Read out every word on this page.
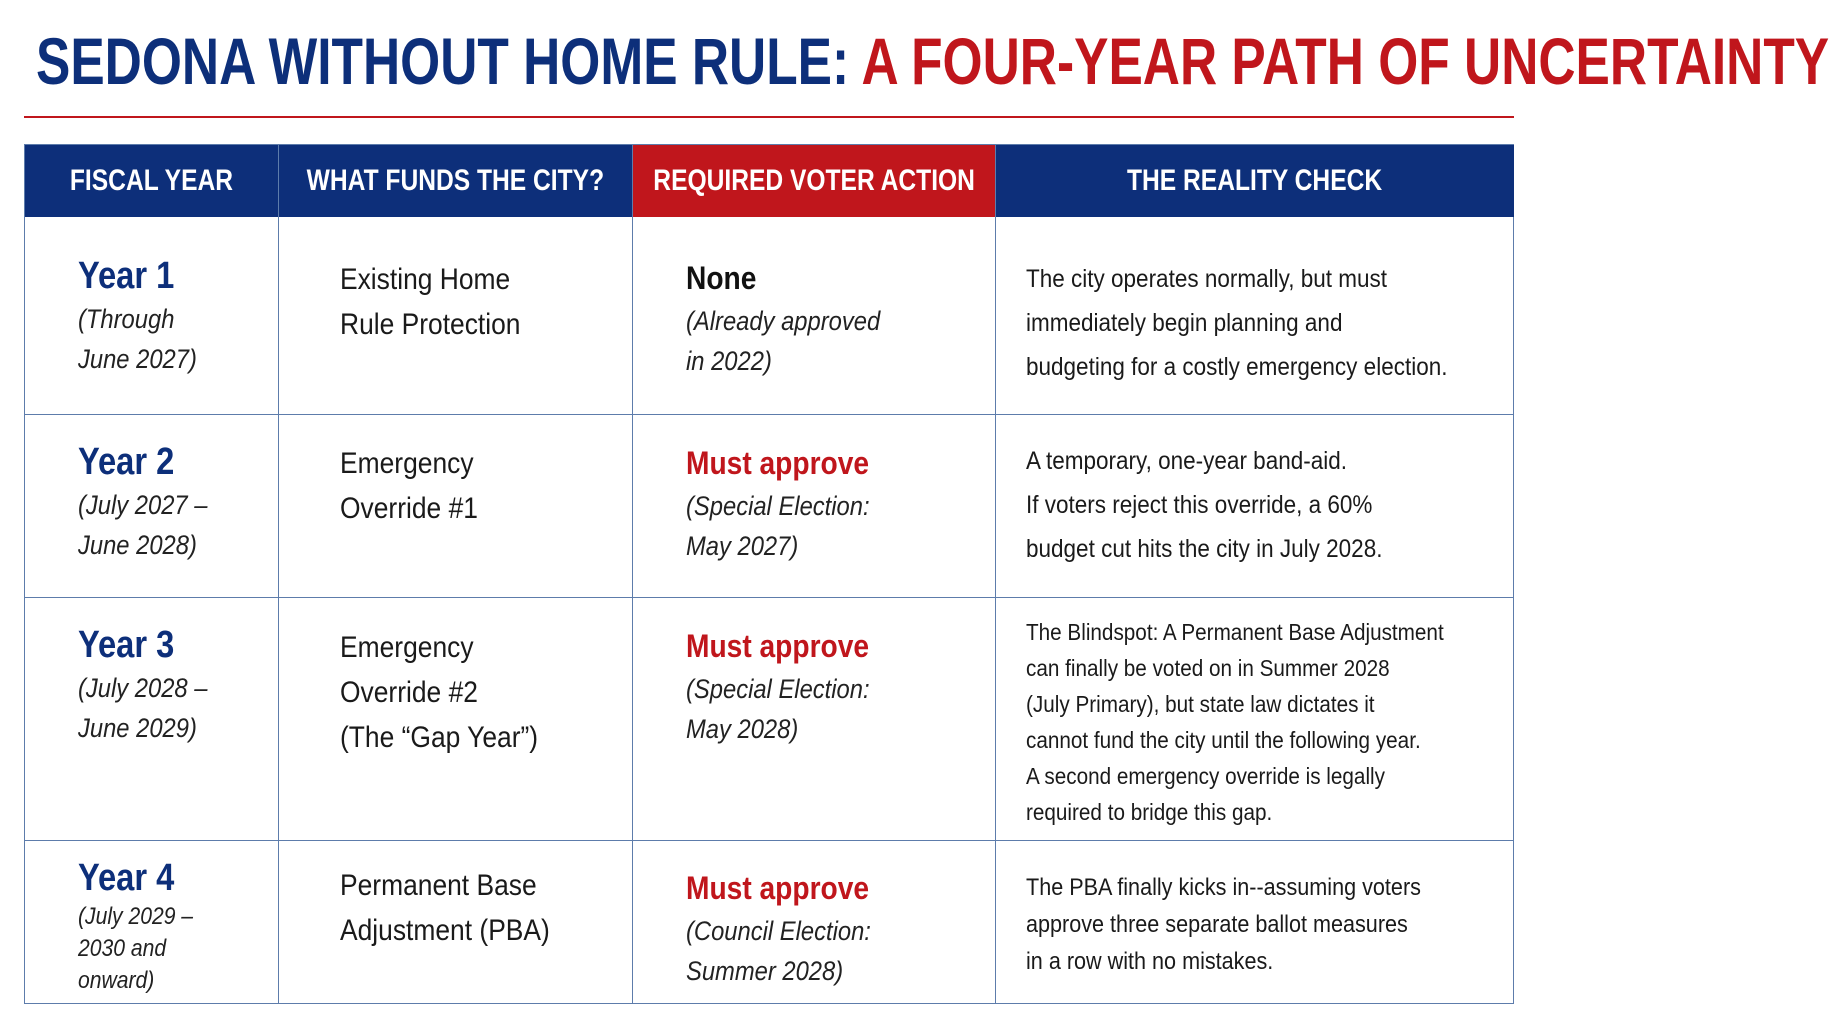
SEDONA WITHOUT HOME RULE: A FOUR-YEAR PATH OF UNCERTAINTY
FISCAL YEAR WHAT FUNDS THE CITY? REQUIRED VOTER ACTION	THE REALITY CHECK
Year 1
(Through
June 2027)
Existing Home
Rule Protection
None
(Already approved
in 2022)
The city operates normally, but must
immediately begin planning and
budgeting for a costly emergency election.
Year 2
(July 2027 –
June 2028)
Emergency
Override #1
Must approve
(Special Election:
May 2027)
A temporary, one-year band-aid.
If voters reject this override, a 60%
budget cut hits the city in July 2028.
Year 3
(July 2028 –
June 2029)
Emergency
Override #2
(The “Gap Year”)
Must approve
(Special Election:
May 2028)
The Blindspot: A Permanent Base Adjustment
can finally be voted on in Summer 2028
(July Primary), but state law dictates it
cannot fund the city until the following year.
A second emergency override is legally
required to bridge this gap.
Year 4
(July 2029 –
2030 and
onward)
Permanent Base
Adjustment (PBA)
Must approve
(Council Election:
Summer 2028)
The PBA finally kicks in--assuming voters
approve three separate ballot measures
in a row with no mistakes.
